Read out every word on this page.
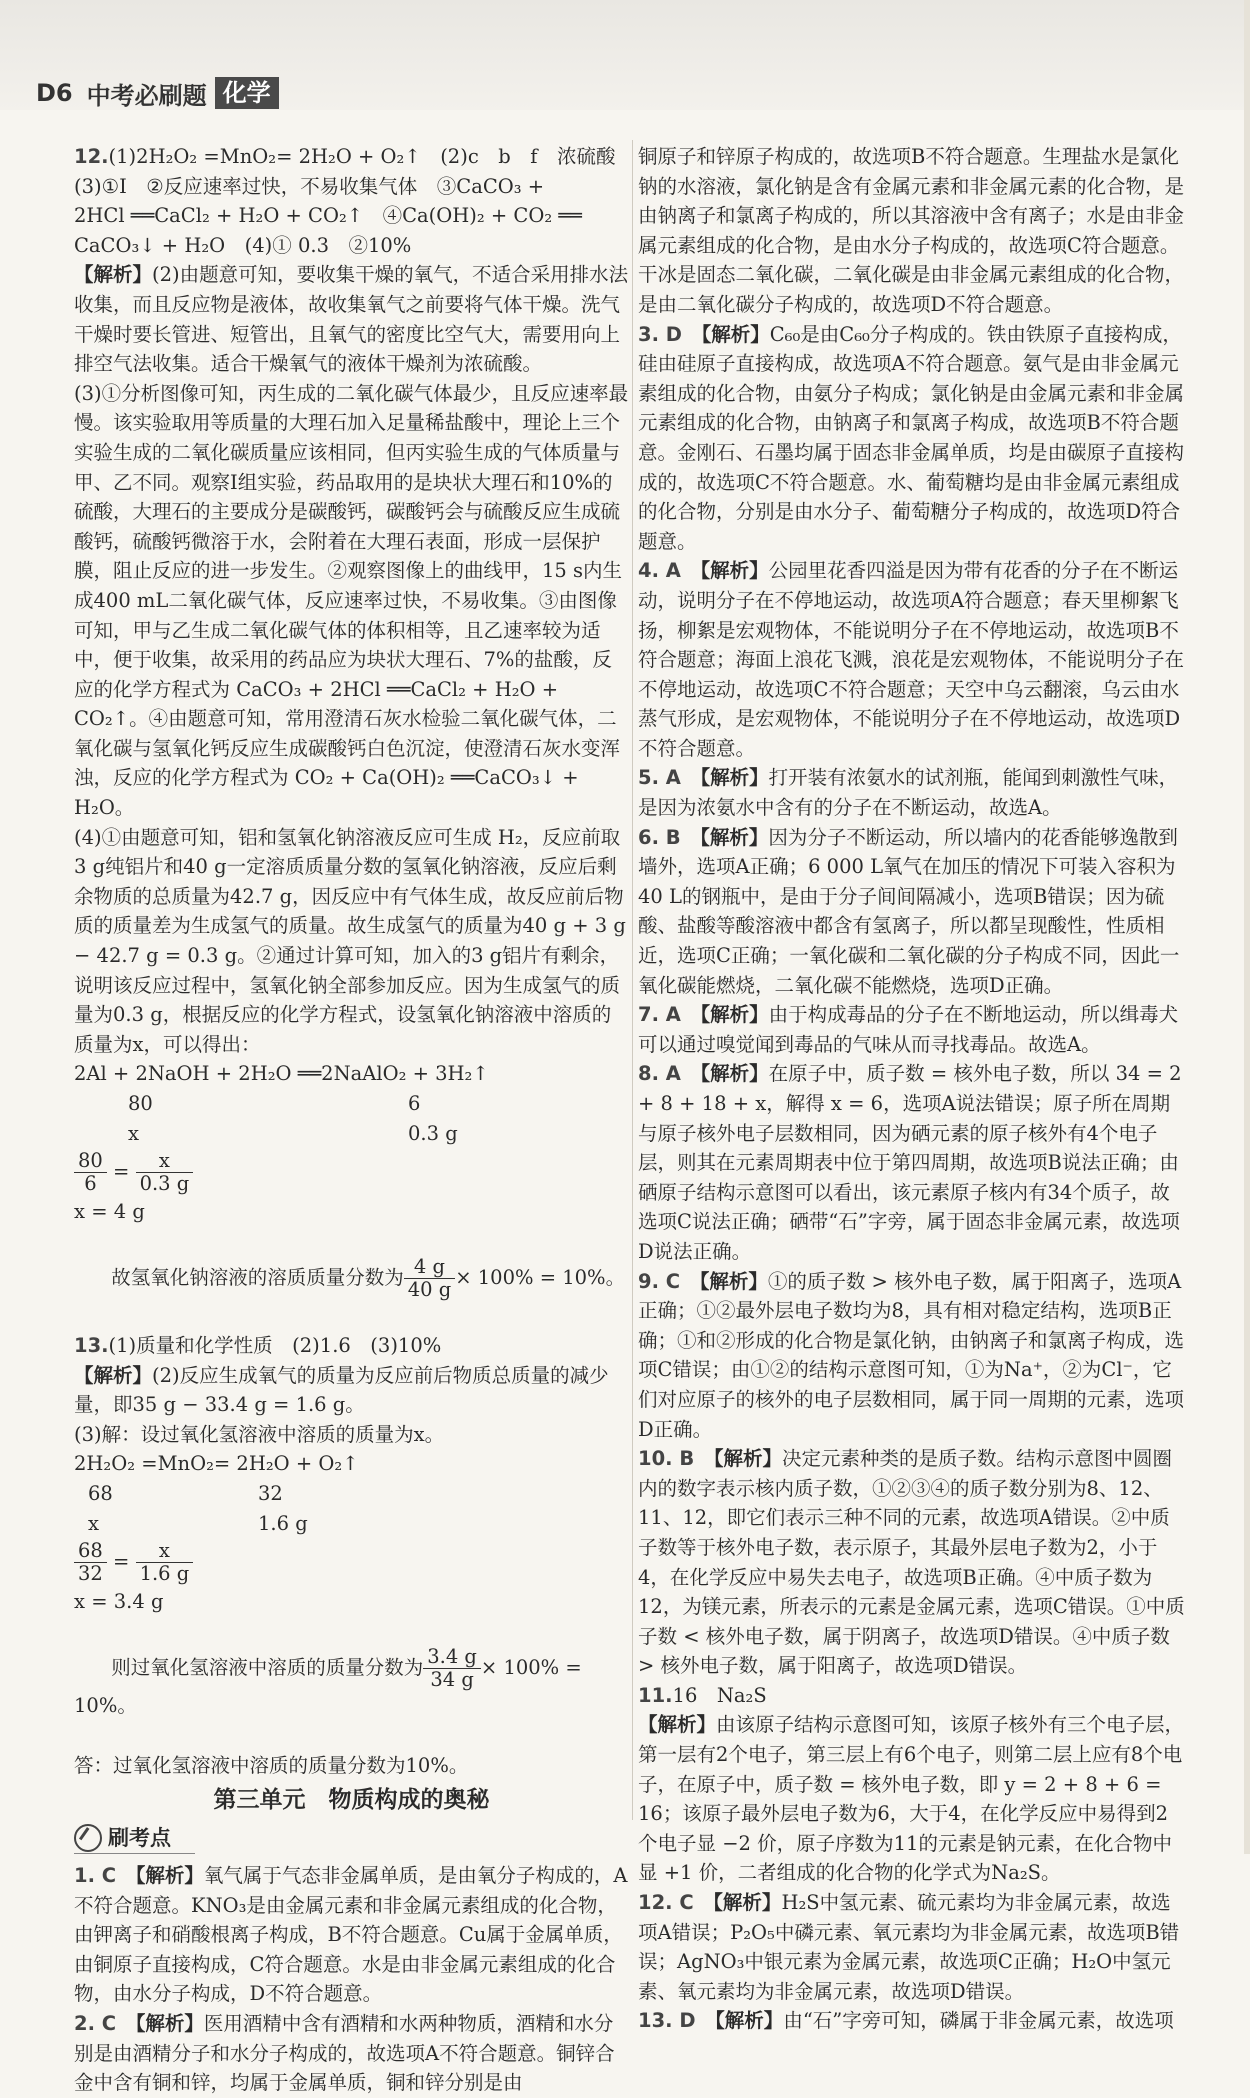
D6 中考必刷题 化学

12.(1)2H₂O₂ =MnO₂= 2H₂O + O₂↑　(2)c　b　f　浓硫酸

(3)①Ⅰ　②反应速率过快，不易收集气体　③CaCO₃ +

2HCl ══CaCl₂ + H₂O + CO₂↑　④Ca(OH)₂ + CO₂ ══

CaCO₃↓ + H₂O　(4)① 0.3　②10%

【解析】(2)由题意可知，要收集干燥的氧气，不适合采用排水法收集，而且反应物是液体，故收集氧气之前要将气体干燥。洗气干燥时要长管进、短管出，且氧气的密度比空气大，需要用向上排空气法收集。适合干燥氧气的液体干燥剂为浓硫酸。

(3)①分析图像可知，丙生成的二氧化碳气体最少，且反应速率最慢。该实验取用等质量的大理石加入足量稀盐酸中，理论上三个实验生成的二氧化碳质量应该相同，但丙实验生成的气体质量与甲、乙不同。观察Ⅰ组实验，药品取用的是块状大理石和10%的硫酸，大理石的主要成分是碳酸钙，碳酸钙会与硫酸反应生成硫酸钙，硫酸钙微溶于水，会附着在大理石表面，形成一层保护膜，阻止反应的进一步发生。②观察图像上的曲线甲，15 s内生成400 mL二氧化碳气体，反应速率过快，不易收集。③由图像可知，甲与乙生成二氧化碳气体的体积相等，且乙速率较为适中，便于收集，故采用的药品应为块状大理石、7%的盐酸，反应的化学方程式为 CaCO₃ + 2HCl ══CaCl₂ + H₂O + CO₂↑。④由题意可知，常用澄清石灰水检验二氧化碳气体，二氧化碳与氢氧化钙反应生成碳酸钙白色沉淀，使澄清石灰水变浑浊，反应的化学方程式为 CO₂ + Ca(OH)₂ ══CaCO₃↓ + H₂O。

(4)①由题意可知，铝和氢氧化钠溶液反应可生成 H₂，反应前取3 g纯铝片和40 g一定溶质质量分数的氢氧化钠溶液，反应后剩余物质的总质量为42.7 g，因反应中有气体生成，故反应前后物质的质量差为生成氢气的质量。故生成氢气的质量为40 g + 3 g − 42.7 g = 0.3 g。②通过计算可知，加入的3 g铝片有剩余，说明该反应过程中，氢氧化钠全部参加反应。因为生成氢气的质量为0.3 g，根据反应的化学方程式，设氢氧化钠溶液中溶质的质量为x，可以得出：

2Al + 2NaOH + 2H₂O ══2NaAlO₂ + 3H₂↑

80	6
x	0.3 g
$\frac{80}{6} = \frac{x}{0.3 g}$

x = 4 g

故氢氧化钠溶液的溶质质量分数为 $\frac{4 g}{40 g} \times 100\% = 10\%$。

13.(1)质量和化学性质　(2)1.6　(3)10%

【解析】(2)反应生成氧气的质量为反应前后物质总质量的减少量，即35 g − 33.4 g = 1.6 g。

(3)解：设过氧化氢溶液中溶质的质量为x。

2H₂O₂ =MnO₂= 2H₂O + O₂↑

68	32
x	1.6 g
$\frac{68}{32} = \frac{x}{1.6 g}$

x = 3.4 g

则过氧化氢溶液中溶质的质量分数为 $\frac{3.4 g}{34 g} \times 100\% = 10\%$。

答：过氧化氢溶液中溶质的质量分数为10%。

第三单元　物质构成的奥秘
刷考点

1. C　 【解析】氧气属于气态非金属单质，是由氧分子构成的，A不符合题意。KNO₃是由金属元素和非金属元素组成的化合物，由钾离子和硝酸根离子构成，B不符合题意。Cu属于金属单质，由铜原子直接构成，C符合题意。水是由非金属元素组成的化合物，由水分子构成，D不符合题意。

2. C　 【解析】医用酒精中含有酒精和水两种物质，酒精和水分别是由酒精分子和水分子构成的，故选项A不符合题意。铜锌合金中含有铜和锌，均属于金属单质，铜和锌分别是由

铜原子和锌原子构成的，故选项B不符合题意。生理盐水是氯化钠的水溶液，氯化钠是含有金属元素和非金属元素的化合物，是由钠离子和氯离子构成的，所以其溶液中含有离子；水是由非金属元素组成的化合物，是由水分子构成的，故选项C符合题意。干冰是固态二氧化碳，二氧化碳是由非金属元素组成的化合物，是由二氧化碳分子构成的，故选项D不符合题意。

3. D　 【解析】C₆₀是由C₆₀分子构成的。铁由铁原子直接构成，硅由硅原子直接构成，故选项A不符合题意。氨气是由非金属元素组成的化合物，由氨分子构成；氯化钠是由金属元素和非金属元素组成的化合物，由钠离子和氯离子构成，故选项B不符合题意。金刚石、石墨均属于固态非金属单质，均是由碳原子直接构成的，故选项C不符合题意。水、葡萄糖均是由非金属元素组成的化合物，分别是由水分子、葡萄糖分子构成的，故选项D符合题意。

4. A　 【解析】公园里花香四溢是因为带有花香的分子在不断运动，说明分子在不停地运动，故选项A符合题意；春天里柳絮飞扬，柳絮是宏观物体，不能说明分子在不停地运动，故选项B不符合题意；海面上浪花飞溅，浪花是宏观物体，不能说明分子在不停地运动，故选项C不符合题意；天空中乌云翻滚，乌云由水蒸气形成，是宏观物体，不能说明分子在不停地运动，故选项D不符合题意。

5. A　 【解析】打开装有浓氨水的试剂瓶，能闻到刺激性气味，是因为浓氨水中含有的分子在不断运动，故选A。

6. B　 【解析】因为分子不断运动，所以墙内的花香能够逸散到墙外，选项A正确；6 000 L氧气在加压的情况下可装入容积为40 L的钢瓶中，是由于分子间间隔减小，选项B错误；因为硫酸、盐酸等酸溶液中都含有氢离子，所以都呈现酸性，性质相近，选项C正确；一氧化碳和二氧化碳的分子构成不同，因此一氧化碳能燃烧，二氧化碳不能燃烧，选项D正确。

7. A　 【解析】由于构成毒品的分子在不断地运动，所以缉毒犬可以通过嗅觉闻到毒品的气味从而寻找毒品。故选A。

8. A　 【解析】在原子中，质子数 = 核外电子数，所以 34 = 2 + 8 + 18 + x，解得 x = 6，选项A说法错误；原子所在周期与原子核外电子层数相同，因为硒元素的原子核外有4个电子层，则其在元素周期表中位于第四周期，故选项B说法正确；由硒原子结构示意图可以看出，该元素原子核内有34个质子，故选项C说法正确；硒带“石”字旁，属于固态非金属元素，故选项D说法正确。

9. C　 【解析】①的质子数 > 核外电子数，属于阳离子，选项A正确；①②最外层电子数均为8，具有相对稳定结构，选项B正确；①和②形成的化合物是氯化钠，由钠离子和氯离子构成，选项C错误；由①②的结构示意图可知，①为Na⁺，②为Cl⁻，它们对应原子的核外的电子层数相同，属于同一周期的元素，选项D正确。

10. B　 【解析】决定元素种类的是质子数。结构示意图中圆圈内的数字表示核内质子数，①②③④的质子数分别为8、12、11、12，即它们表示三种不同的元素，故选项A错误。②中质子数等于核外电子数，表示原子，其最外层电子数为2，小于4，在化学反应中易失去电子，故选项B正确。④中质子数为12，为镁元素，所表示的元素是金属元素，选项C错误。①中质子数 < 核外电子数，属于阴离子，故选项D错误。④中质子数 > 核外电子数，属于阳离子，故选项D错误。

11.16　Na₂S

【解析】由该原子结构示意图可知，该原子核外有三个电子层，第一层有2个电子，第三层上有6个电子，则第二层上应有8个电子，在原子中，质子数 = 核外电子数，即 y = 2 + 8 + 6 = 16；该原子最外层电子数为6，大于4，在化学反应中易得到2个电子显 −2 价，原子序数为11的元素是钠元素，在化合物中显 +1 价，二者组成的化合物的化学式为Na₂S。

12. C　 【解析】H₂S中氢元素、硫元素均为非金属元素，故选项A错误；P₂O₅中磷元素、氧元素均为非金属元素，故选项B错误；AgNO₃中银元素为金属元素，故选项C正确；H₂O中氢元素、氧元素均为非金属元素，故选项D错误。

13. D　 【解析】由“石”字旁可知，磷属于非金属元素，故选项
